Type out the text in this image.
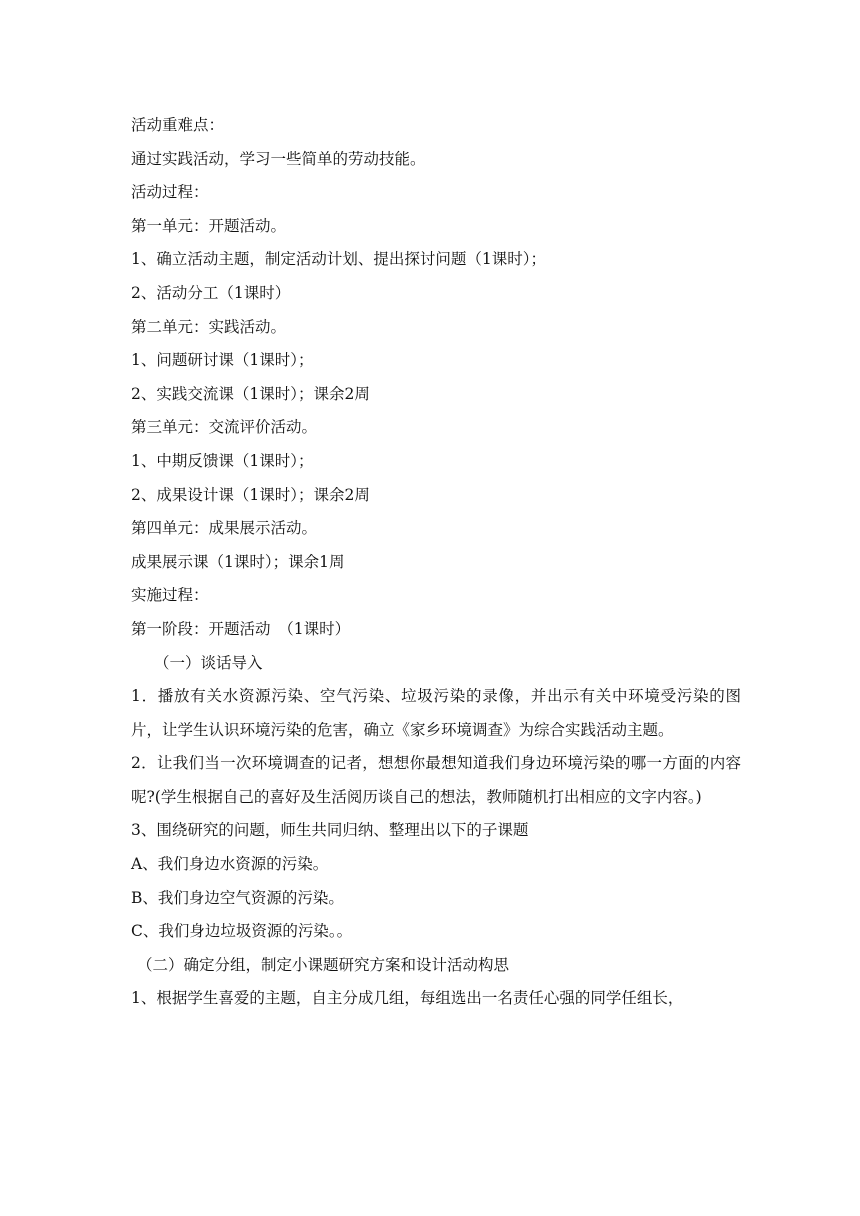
活动重难点：
通过实践活动，学习一些简单的劳动技能。
活动过程：
第一单元：开题活动。
1、确立活动主题，制定活动计划、提出探讨问题（1课时）；
2、活动分工（1课时）
第二单元：实践活动。
1、问题研讨课（1课时）；
2、实践交流课（1课时）；课余2周
第三单元：交流评价活动。
1、中期反馈课（1课时）；
2、成果设计课（1课时）；课余2周
第四单元：成果展示活动。
成果展示课（1课时）；课余1周
实施过程：
第一阶段：开题活动　（1课时）
（一）谈话导入
1．播放有关水资源污染、空气污染、垃圾污染的录像，并出示有关中环境受污染的图片，让学生认识环境污染的危害，确立《家乡环境调查》为综合实践活动主题。
2．让我们当一次环境调查的记者，想想你最想知道我们身边环境污染的哪一方面的内容呢?(学生根据自己的喜好及生活阅历谈自己的想法，教师随机打出相应的文字内容。)
3、围绕研究的问题，师生共同归纳、整理出以下的子课题
A、我们身边水资源的污染。
B、我们身边空气资源的污染。
C、我们身边垃圾资源的污染。。
（二）确定分组，制定小课题研究方案和设计活动构思
1、根据学生喜爱的主题，自主分成几组，每组选出一名责任心强的同学任组长，
